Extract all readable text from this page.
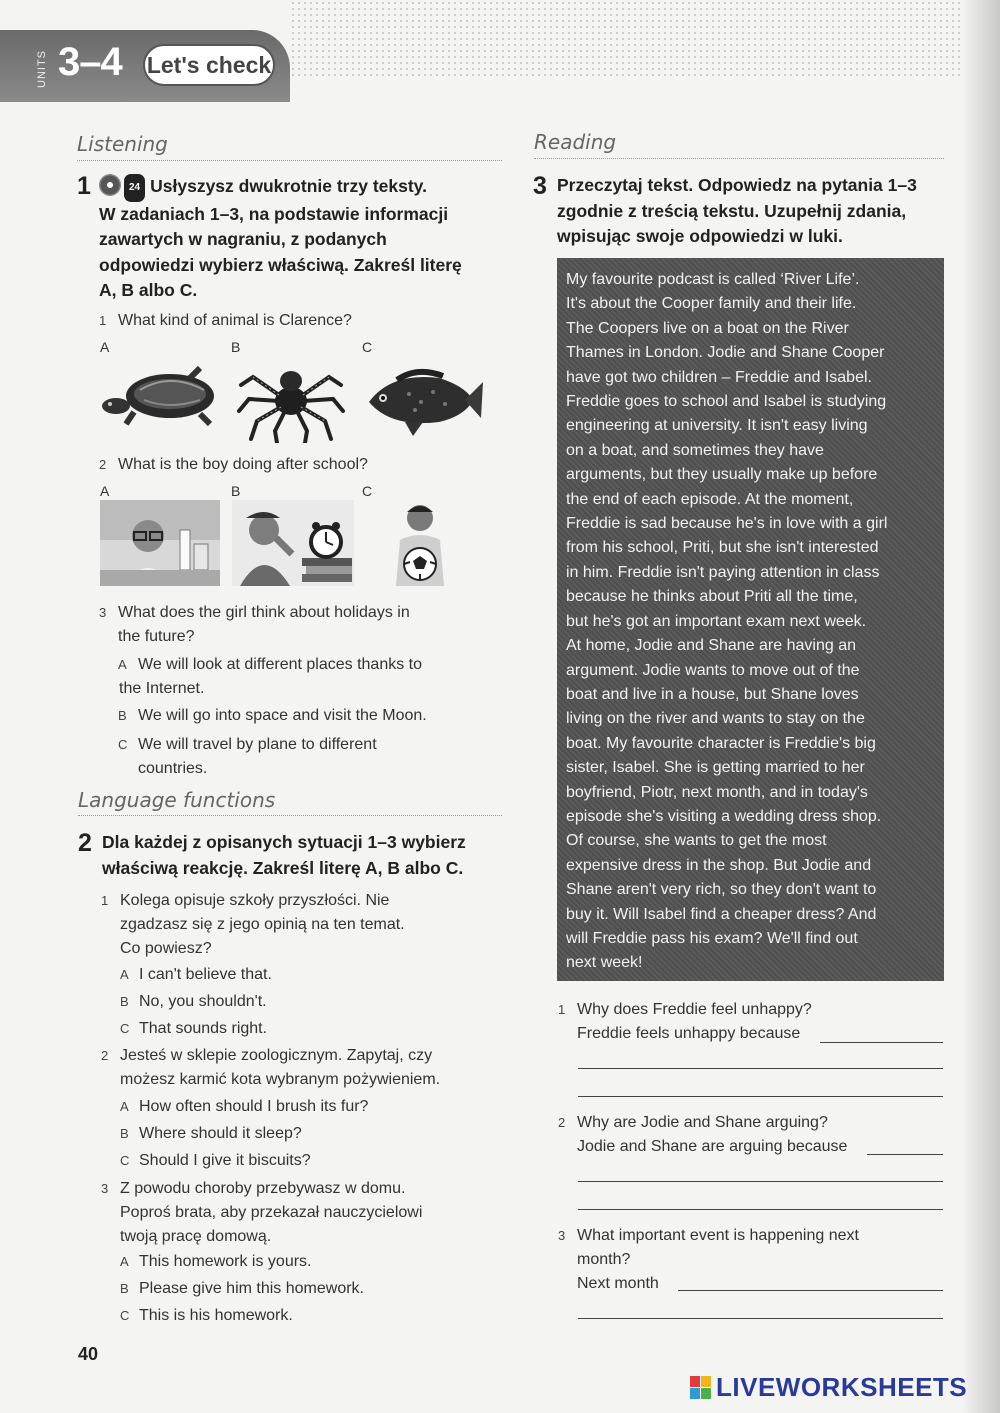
UNITS 3–4 Let's check
Listening
1	24 Usłyszysz dwukrotnie trzy teksty.
W zadaniach 1–3, na podstawie informacji
zawartych w nagraniu, z podanych
odpowiedzi wybierz właściwą. Zakreśl literę
A, B albo C.
1 What kind of animal is Clarence?
A	B	C
2 What is the boy doing after school?
A	B	C
3 What does the girl think about holidays in
the future?
A We will look at different places thanks to
the Internet.
B We will go into space and visit the Moon.
C We will travel by plane to different
countries.
Language functions
2 Dla każdej z opisanych sytuacji 1–3 wybierz
właściwą reakcję. Zakreśl literę A, B albo C.
1 Kolega opisuje szkoły przyszłości. Nie
zgadzasz się z jego opinią na ten temat.
Co powiesz?
A I can't believe that.
B No, you shouldn't.
C That sounds right.
2 Jesteś w sklepie zoologicznym. Zapytaj, czy
możesz karmić kota wybranym pożywieniem.
A How often should I brush its fur?
B Where should it sleep?
C Should I give it biscuits?
3 Z powodu choroby przebywasz w domu.
Poproś brata, aby przekazał nauczycielowi
twoją pracę domową.
A This homework is yours.
B Please give him this homework.
C This is his homework.
Reading
3 Przeczytaj tekst. Odpowiedz na pytania 1–3
zgodnie z treścią tekstu. Uzupełnij zdania,
wpisując swoje odpowiedzi w luki.
My favourite podcast is called ‘River Life’.
It's about the Cooper family and their life.
The Coopers live on a boat on the River
Thames in London. Jodie and Shane Cooper
have got two children – Freddie and Isabel.
Freddie goes to school and Isabel is studying
engineering at university. It isn't easy living
on a boat, and sometimes they have
arguments, but they usually make up before
the end of each episode. At the moment,
Freddie is sad because he's in love with a girl
from his school, Priti, but she isn't interested
in him. Freddie isn't paying attention in class
because he thinks about Priti all the time,
but he's got an important exam next week.
At home, Jodie and Shane are having an
argument. Jodie wants to move out of the
boat and live in a house, but Shane loves
living on the river and wants to stay on the
boat. My favourite character is Freddie's big
sister, Isabel. She is getting married to her
boyfriend, Piotr, next month, and in today's
episode she's visiting a wedding dress shop.
Of course, she wants to get the most
expensive dress in the shop. But Jodie and
Shane aren't very rich, so they don't want to
buy it. Will Isabel find a cheaper dress? And
will Freddie pass his exam? We'll find out
next week!
1 Why does Freddie feel unhappy?
Freddie feels unhappy because
2 Why are Jodie and Shane arguing?
Jodie and Shane are arguing because
3 What important event is happening next
month?
Next month
40
LIVEWORKSHEETS
